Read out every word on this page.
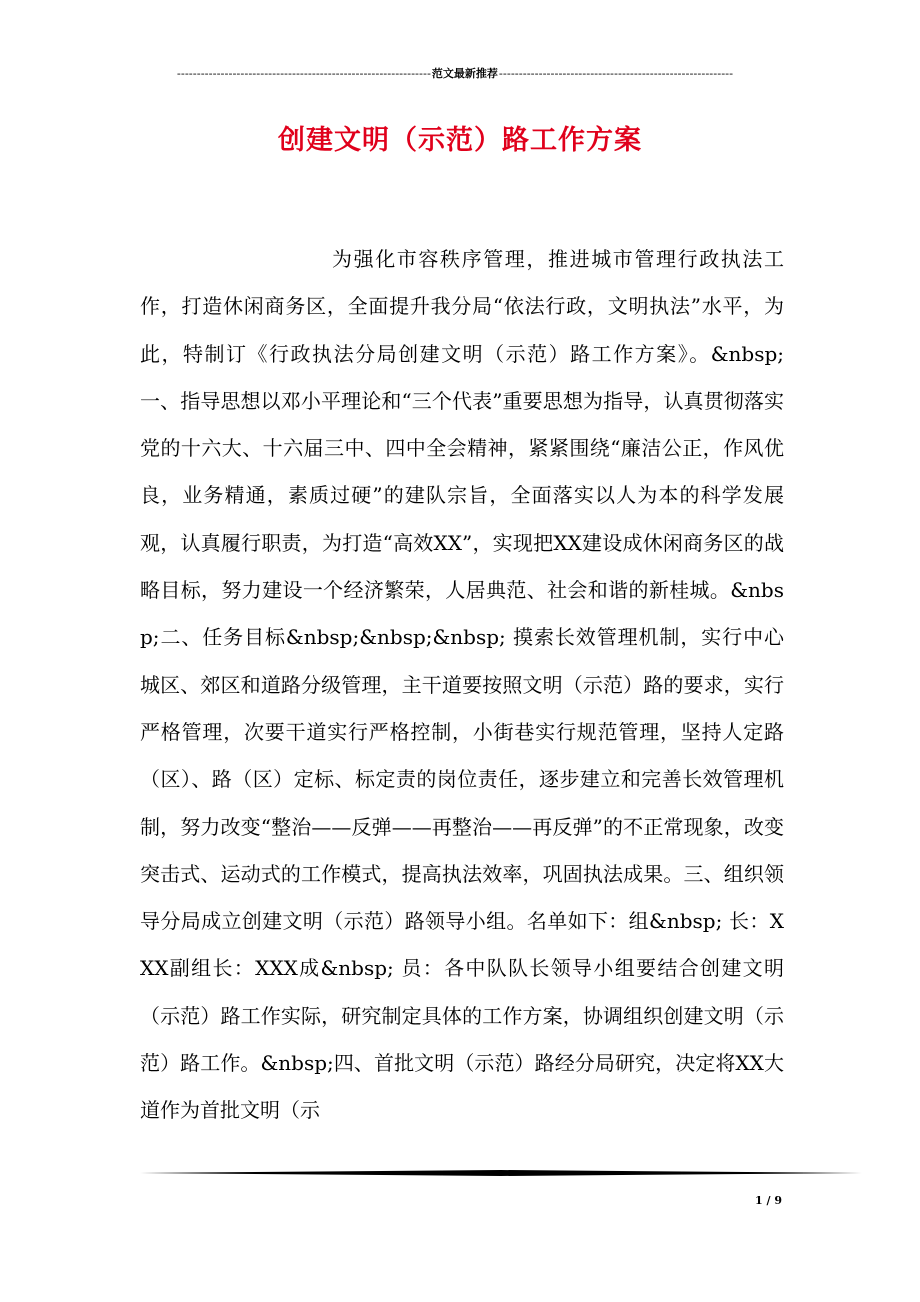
----------------------------------------------------------------范文最新推荐-----------------------------------------------------------
创建文明（示范）路工作方案

为强化市容秩序管理，推进城市管理行政执法工作，打造休闲商务区，全面提升我分局“依法行政，文明执法”水平，为此，特制订《行政执法分局创建文明（示范）路工作方案》。&nbsp; 一、指导思想以邓小平理论和“三个代表”重要思想为指导，认真贯彻落实党的十六大、十六届三中、四中全会精神，紧紧围绕“廉洁公正，作风优良，业务精通，素质过硬”的建队宗旨，全面落实以人为本的科学发展观，认真履行职责，为打造“高效XX”，实现把XX建设成休闲商务区的战略目标，努力建设一个经济繁荣，人居典范、社会和谐的新桂城。&nbsp;二、任务目标&nbsp;&nbsp;&nbsp; 摸索长效管理机制，实行中心城区、郊区和道路分级管理，主干道要按照文明（示范）路的要求，实行严格管理，次要干道实行严格控制，小街巷实行规范管理，坚持人定路（区）、路（区）定标、标定责的岗位责任，逐步建立和完善长效管理机制，努力改变“整治——反弹——再整治——再反弹”的不正常现象，改变突击式、运动式的工作模式，提高执法效率，巩固执法成果。三、组织领导分局成立创建文明（示范）路领导小组。名单如下：组&nbsp; 长：XXX副组长：XXX成&nbsp; 员：各中队队长领导小组要结合创建文明（示范）路工作实际，研究制定具体的工作方案，协调组织创建文明（示范）路工作。&nbsp;四、首批文明（示范）路经分局研究，决定将XX大道作为首批文明（示

1 / 9
